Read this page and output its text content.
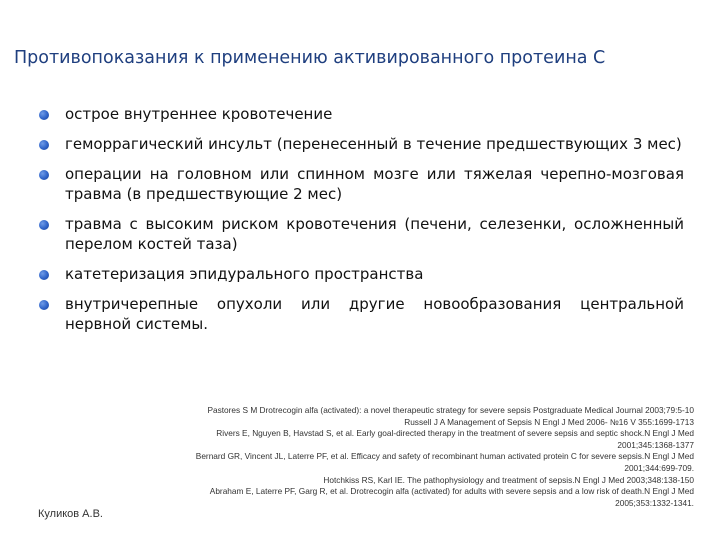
Противопоказания к применению активированного протеина С
острое внутреннее кровотечение
геморрагический инсульт (перенесенный в течение предшествующих 3 мес)
операции на головном или спинном мозге или тяжелая черепно-мозговая травма (в предшествующие 2 мес)
травма с высоким риском кровотечения (печени, селезенки, осложненный перелом костей таза)
катетеризация эпидурального пространства
внутричерепные опухоли или другие новообразования центральной нервной системы.
Pastores S M Drotrecogin alfa (activated): a novel therapeutic strategy for severe sepsis Postgraduate Medical Journal 2003;79:5-10
Russell J A Management of Sepsis N Engl J Med 2006- №16 V 355:1699-1713
Rivers E, Nguyen B, Havstad S, et al. Early goal-directed therapy in the treatment of severe sepsis and septic shock.N Engl J Med
2001;345:1368-1377
Bernard GR, Vincent JL, Laterre PF, et al. Efficacy and safety of recombinant human activated protein C for severe sepsis.N Engl J Med
2001;344:699-709.
Hotchkiss RS, Karl IE. The pathophysiology and treatment of sepsis.N Engl J Med 2003;348:138-150
Abraham E, Laterre PF, Garg R, et al. Drotrecogin alfa (activated) for adults with severe sepsis and a low risk of death.N Engl J Med
2005;353:1332-1341.
Куликов А.В.
